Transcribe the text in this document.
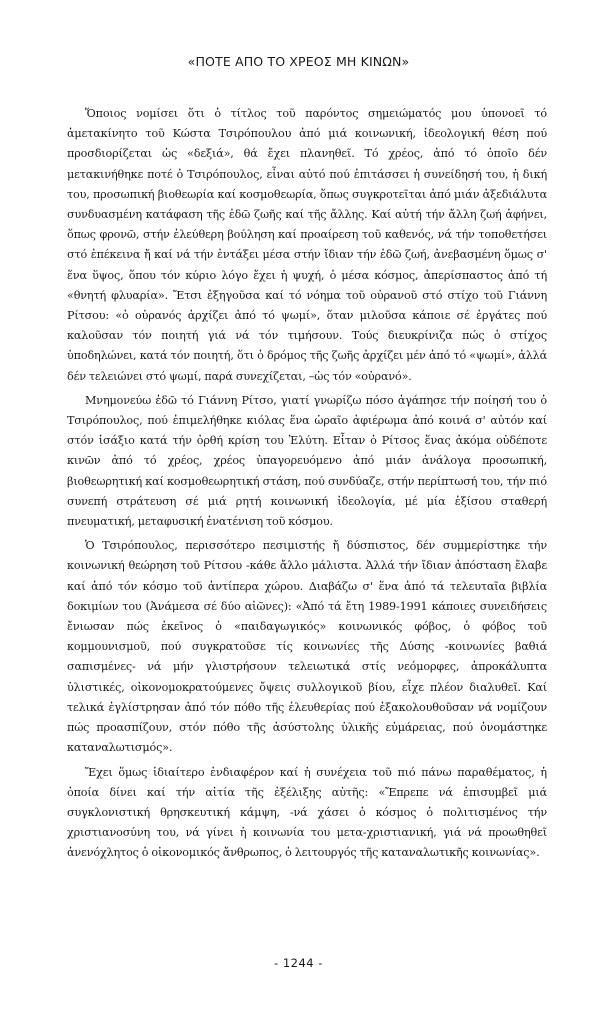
«ΠΟΤΕ ΑΠΟ ΤΟ ΧΡΕΟΣ ΜΗ ΚΙΝΩΝ»

Ὅποιος νομίσει ὅτι ὁ τίτλος τοῦ παρόντος σημειώματός μου ὑπονοεῖ τό ἀμετακίνητο τοῦ Κώστα Τσιρόπουλου ἀπό μιά κοινωνική, ἰδεολογική θέση πού προσδιορίζεται ὡς «δεξιά», θά ἔχει πλανηθεῖ. Τό χρέος, ἀπό τό ὁποῖο δέν μετακινήθηκε ποτέ ὁ Τσιρόπουλος, εἶναι αὐτό πού ἐπιτάσσει ἡ συνείδησή του, ἡ δική του, προσωπική βιοθεωρία καί κοσμοθεωρία, ὅπως συγκροτεῖται ἀπό μιάν ἀξεδιάλυτα συνδυασμένη κατάφαση τῆς ἐδῶ ζωῆς καί τῆς ἄλλης. Καί αὐτή τήν ἄλλη ζωή ἀφήνει, ὅπως φρονῶ, στήν ἐλεύθερη βούληση καί προαίρεση τοῦ καθενός, νά τήν τοποθετήσει στό ἐπέκεινα ἤ καί νά τήν ἐντάξει μέσα στήν ἴδιαν τήν ἐδῶ ζωή, ἀνεβασμένη ὅμως σ' ἕνα ὕψος, ὅπου τόν κύριο λόγο ἔχει ἡ ψυχή, ὁ μέσα κόσμος, ἀπερίσπαστος ἀπό τή «θνητή φλυαρία». Ἔτσι ἐξηγοῦσα καί τό νόημα τοῦ οὐρανοῦ στό στίχο τοῦ Γιάννη Ρίτσου: «ὁ οὐρανός ἀρχίζει ἀπό τό ψωμί», ὅταν μιλοῦσα κάποιε σέ ἐργάτες πού καλοῦσαν τόν ποιητή γιά νά τόν τιμήσουν. Τούς διευκρίνιζα πώς ὁ στίχος ὑποδηλώνει, κατά τόν ποιητή, ὅτι ὁ δρόμος τῆς ζωῆς ἀρχίζει μέν ἀπό τό «ψωμί», ἀλλά δέν τελειώνει στό ψωμί, παρά συνεχίζεται, –ὡς τόν «οὐρανό».

Μνημονεύω ἐδῶ τό Γιάννη Ρίτσο, γιατί γνωρίζω πόσο ἀγάπησε τήν ποίησή του ὁ Τσιρόπουλος, πού ἐπιμελήθηκε κιόλας ἕνα ὡραῖο ἀφιέρωμα ἀπό κοινά σ' αὐτόν καί στόν ἰσάξιο κατά τήν ὀρθή κρίση του Ἐλύτη. Εἶταν ὁ Ρίτσος ἕνας ἀκόμα οὐδέποτε κινῶν ἀπό τό χρέος, χρέος ὑπαγορευόμενο ἀπό μιάν ἀνάλογα προσωπική, βιοθεωρητική καί κοσμοθεωρητική στάση, πού συνδύαζε, στήν περίπτωσή του, τήν πιό συνεπή στράτευση σέ μιά ρητή κοινωνική ἰδεολογία, μέ μία ἐξίσου σταθερή πνευματική, μεταφυσική ἐνατένιση τοῦ κόσμου.

Ὁ Τσιρόπουλος, περισσότερο πεσιμιστής ἤ δύσπιστος, δέν συμμερίστηκε τήν κοινωνική θεώρηση τοῦ Ρίτσου -κάθε ἄλλο μάλιστα. Ἀλλά τήν ἴδιαν ἀπόσταση ἔλαβε καί ἀπό τόν κόσμο τοῦ ἀντίπερα χώρου. Διαβάζω σ' ἕνα ἀπό τά τελευταῖα βιβλία δοκιμίων του (Ἀνάμεσα σέ δύο αἰῶνες): «Ἀπό τά ἔτη 1989-1991 κάποιες συνειδήσεις ἔνιωσαν πώς ἐκεῖνος ὁ «παιδαγωγικός» κοινωνικός φόβος, ὁ φόβος τοῦ κομμουνισμοῦ, πού συγκρατοῦσε τίς κοινωνίες τῆς Δύσης -κοινωνίες βαθιά σαπισμένες- νά μήν γλιστρήσουν τελειωτικά στίς νεόμορφες, ἀπροκάλυπτα ὑλιστικές, οἰκονομοκρατούμενες ὄψεις συλλογικοῦ βίου, εἶχε πλέον διαλυθεῖ. Καί τελικά ἐγλίστρησαν ἀπό τόν πόθο τῆς ἐλευθερίας πού ἐξακολουθοῦσαν νά νομίζουν πώς προασπίζουν, στόν πόθο τῆς ἀσύστολης ὑλικῆς εὐμάρειας, πού ὀνομάστηκε καταναλωτισμός».

Ἔχει ὅμως ἰδιαίτερο ἐνδιαφέρον καί ἡ συνέχεια τοῦ πιό πάνω παραθέματος, ἡ ὁποία δίνει καί τήν αἰτία τῆς ἐξέλιξης αὐτῆς: «Ἔπρεπε νά ἐπισυμβεῖ μιά συγκλονιστική θρησκευτική κάμψη, -νά χάσει ὁ κόσμος ὁ πολιτισμένος τήν χριστιανοσύνη του, νά γίνει ἡ κοινωνία του μετα-χριστιανική, γιά νά προωθηθεῖ ἀνενόχλητος ὁ οἰκονομικός ἄνθρωπος, ὁ λειτουργός τῆς καταναλωτικῆς κοινωνίας».

- 1244 -
